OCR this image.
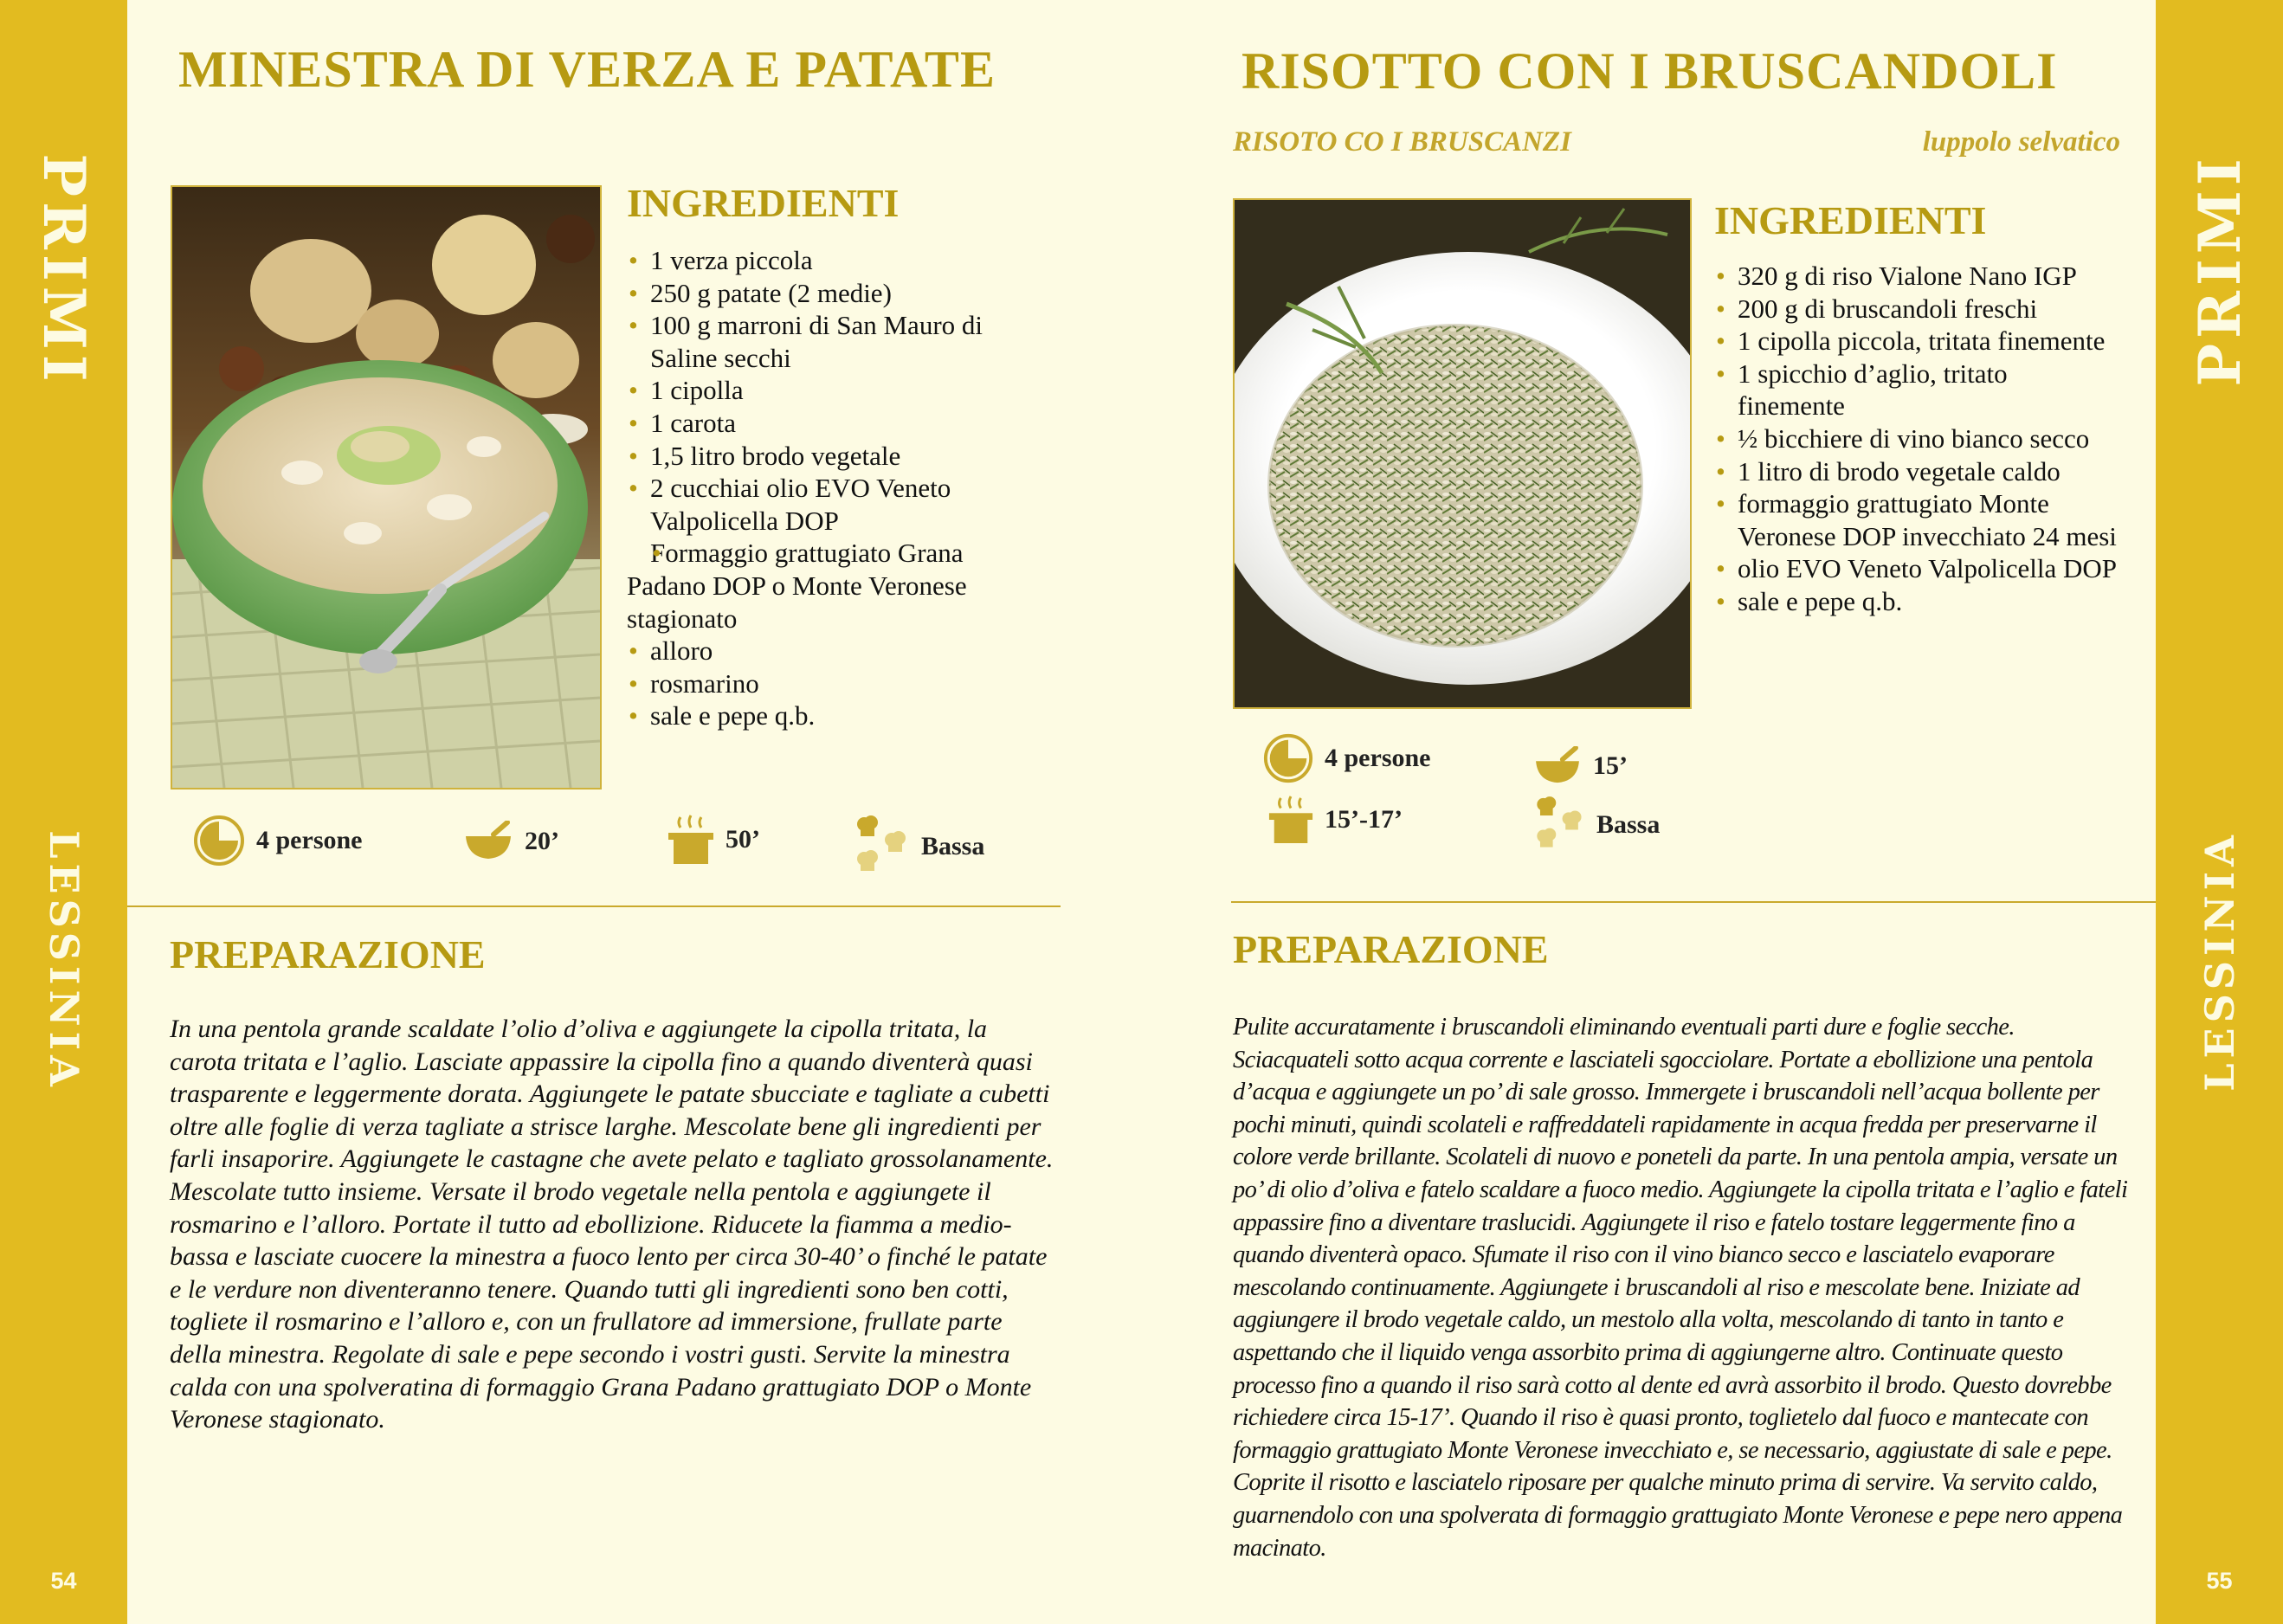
PRIMI
LESSINIA
54
MINESTRA DI VERZA E PATATE
INGREDIENTI
• 1 verza piccola
• 250 g patate (2 medie)
• 100 g marroni di San Mauro di Saline secchi
• 1 cipolla
• 1 carota
• 1,5 litro brodo vegetale
• 2 cucchiai olio EVO Veneto Valpolicella DOP
• Formaggio grattugiato Grana Padano DOP o Monte Veronese stagionato
• alloro
• rosmarino
• sale e pepe q.b.
4 persone	20’	50’	Bassa
PREPARAZIONE
In una pentola grande scaldate l’olio d’oliva e aggiungete la cipolla tritata, la carota tritata e l’aglio. Lasciate appassire la cipolla fino a quando diventerà quasi trasparente e leggermente dorata. Aggiungete le patate sbucciate e tagliate a cubetti oltre alle foglie di verza tagliate a strisce larghe. Mescolate bene gli ingredienti per farli insaporire. Aggiungete le castagne che avete pelato e tagliato grossolanamente. Mescolate tutto insieme. Versate il brodo vegetale nella pentola e aggiungete il rosmarino e l’alloro. Portate il tutto ad ebollizione. Riducete la fiamma a medio-bassa e lasciate cuocere la minestra a fuoco lento per circa 30-40’ o finché le patate e le verdure non diventeranno tenere. Quando tutti gli ingredienti sono ben cotti, togliete il rosmarino e l’alloro e, con un frullatore ad immersione, frullate parte della minestra. Regolate di sale e pepe secondo i vostri gusti. Servite la minestra calda con una spolveratina di formaggio Grana Padano grattugiato DOP o Monte Veronese stagionato.
PRIMI
LESSINIA
55
RISOTTO CON I BRUSCANDOLI
RISOTO CO I BRUSCANZI	luppolo selvatico
INGREDIENTI
• 320 g di riso Vialone Nano IGP
• 200 g di bruscandoli freschi
• 1 cipolla piccola, tritata finemente
• 1 spicchio d’aglio, tritato finemente
• ½ bicchiere di vino bianco secco
• 1 litro di brodo vegetale caldo
• formaggio grattugiato Monte Veronese DOP invecchiato 24 mesi
• olio EVO Veneto Valpolicella DOP
• sale e pepe q.b.
4 persone	15’
15’-17’	Bassa
PREPARAZIONE
Pulite accuratamente i bruscandoli eliminando eventuali parti dure e foglie secche. Sciacquateli sotto acqua corrente e lasciateli sgocciolare. Portate a ebollizione una pentola d’acqua e aggiungete un po’ di sale grosso. Immergete i bruscandoli nell’acqua bollente per pochi minuti, quindi scolateli e raffreddateli rapidamente in acqua fredda per preservarne il colore verde brillante. Scolateli di nuovo e poneteli da parte. In una pentola ampia, versate un po’ di olio d’oliva e fatelo scaldare a fuoco medio. Aggiungete la cipolla tritata e l’aglio e fateli appassire fino a diventare traslucidi. Aggiungete il riso e fatelo tostare leggermente fino a quando diventerà opaco. Sfumate il riso con il vino bianco secco e lasciatelo evaporare mescolando continuamente. Aggiungete i bruscandoli al riso e mescolate bene. Iniziate ad aggiungere il brodo vegetale caldo, un mestolo alla volta, mescolando di tanto in tanto e aspettando che il liquido venga assorbito prima di aggiungerne altro. Continuate questo processo fino a quando il riso sarà cotto al dente ed avrà assorbito il brodo. Questo dovrebbe richiedere circa 15-17’. Quando il riso è quasi pronto, toglietelo dal fuoco e mantecate con formaggio grattugiato Monte Veronese invecchiato e, se necessario, aggiustate di sale e pepe. Coprite il risotto e lasciatelo riposare per qualche minuto prima di servire. Va servito caldo, guarnendolo con una spolverata di formaggio grattugiato Monte Veronese e pepe nero appena macinato.
